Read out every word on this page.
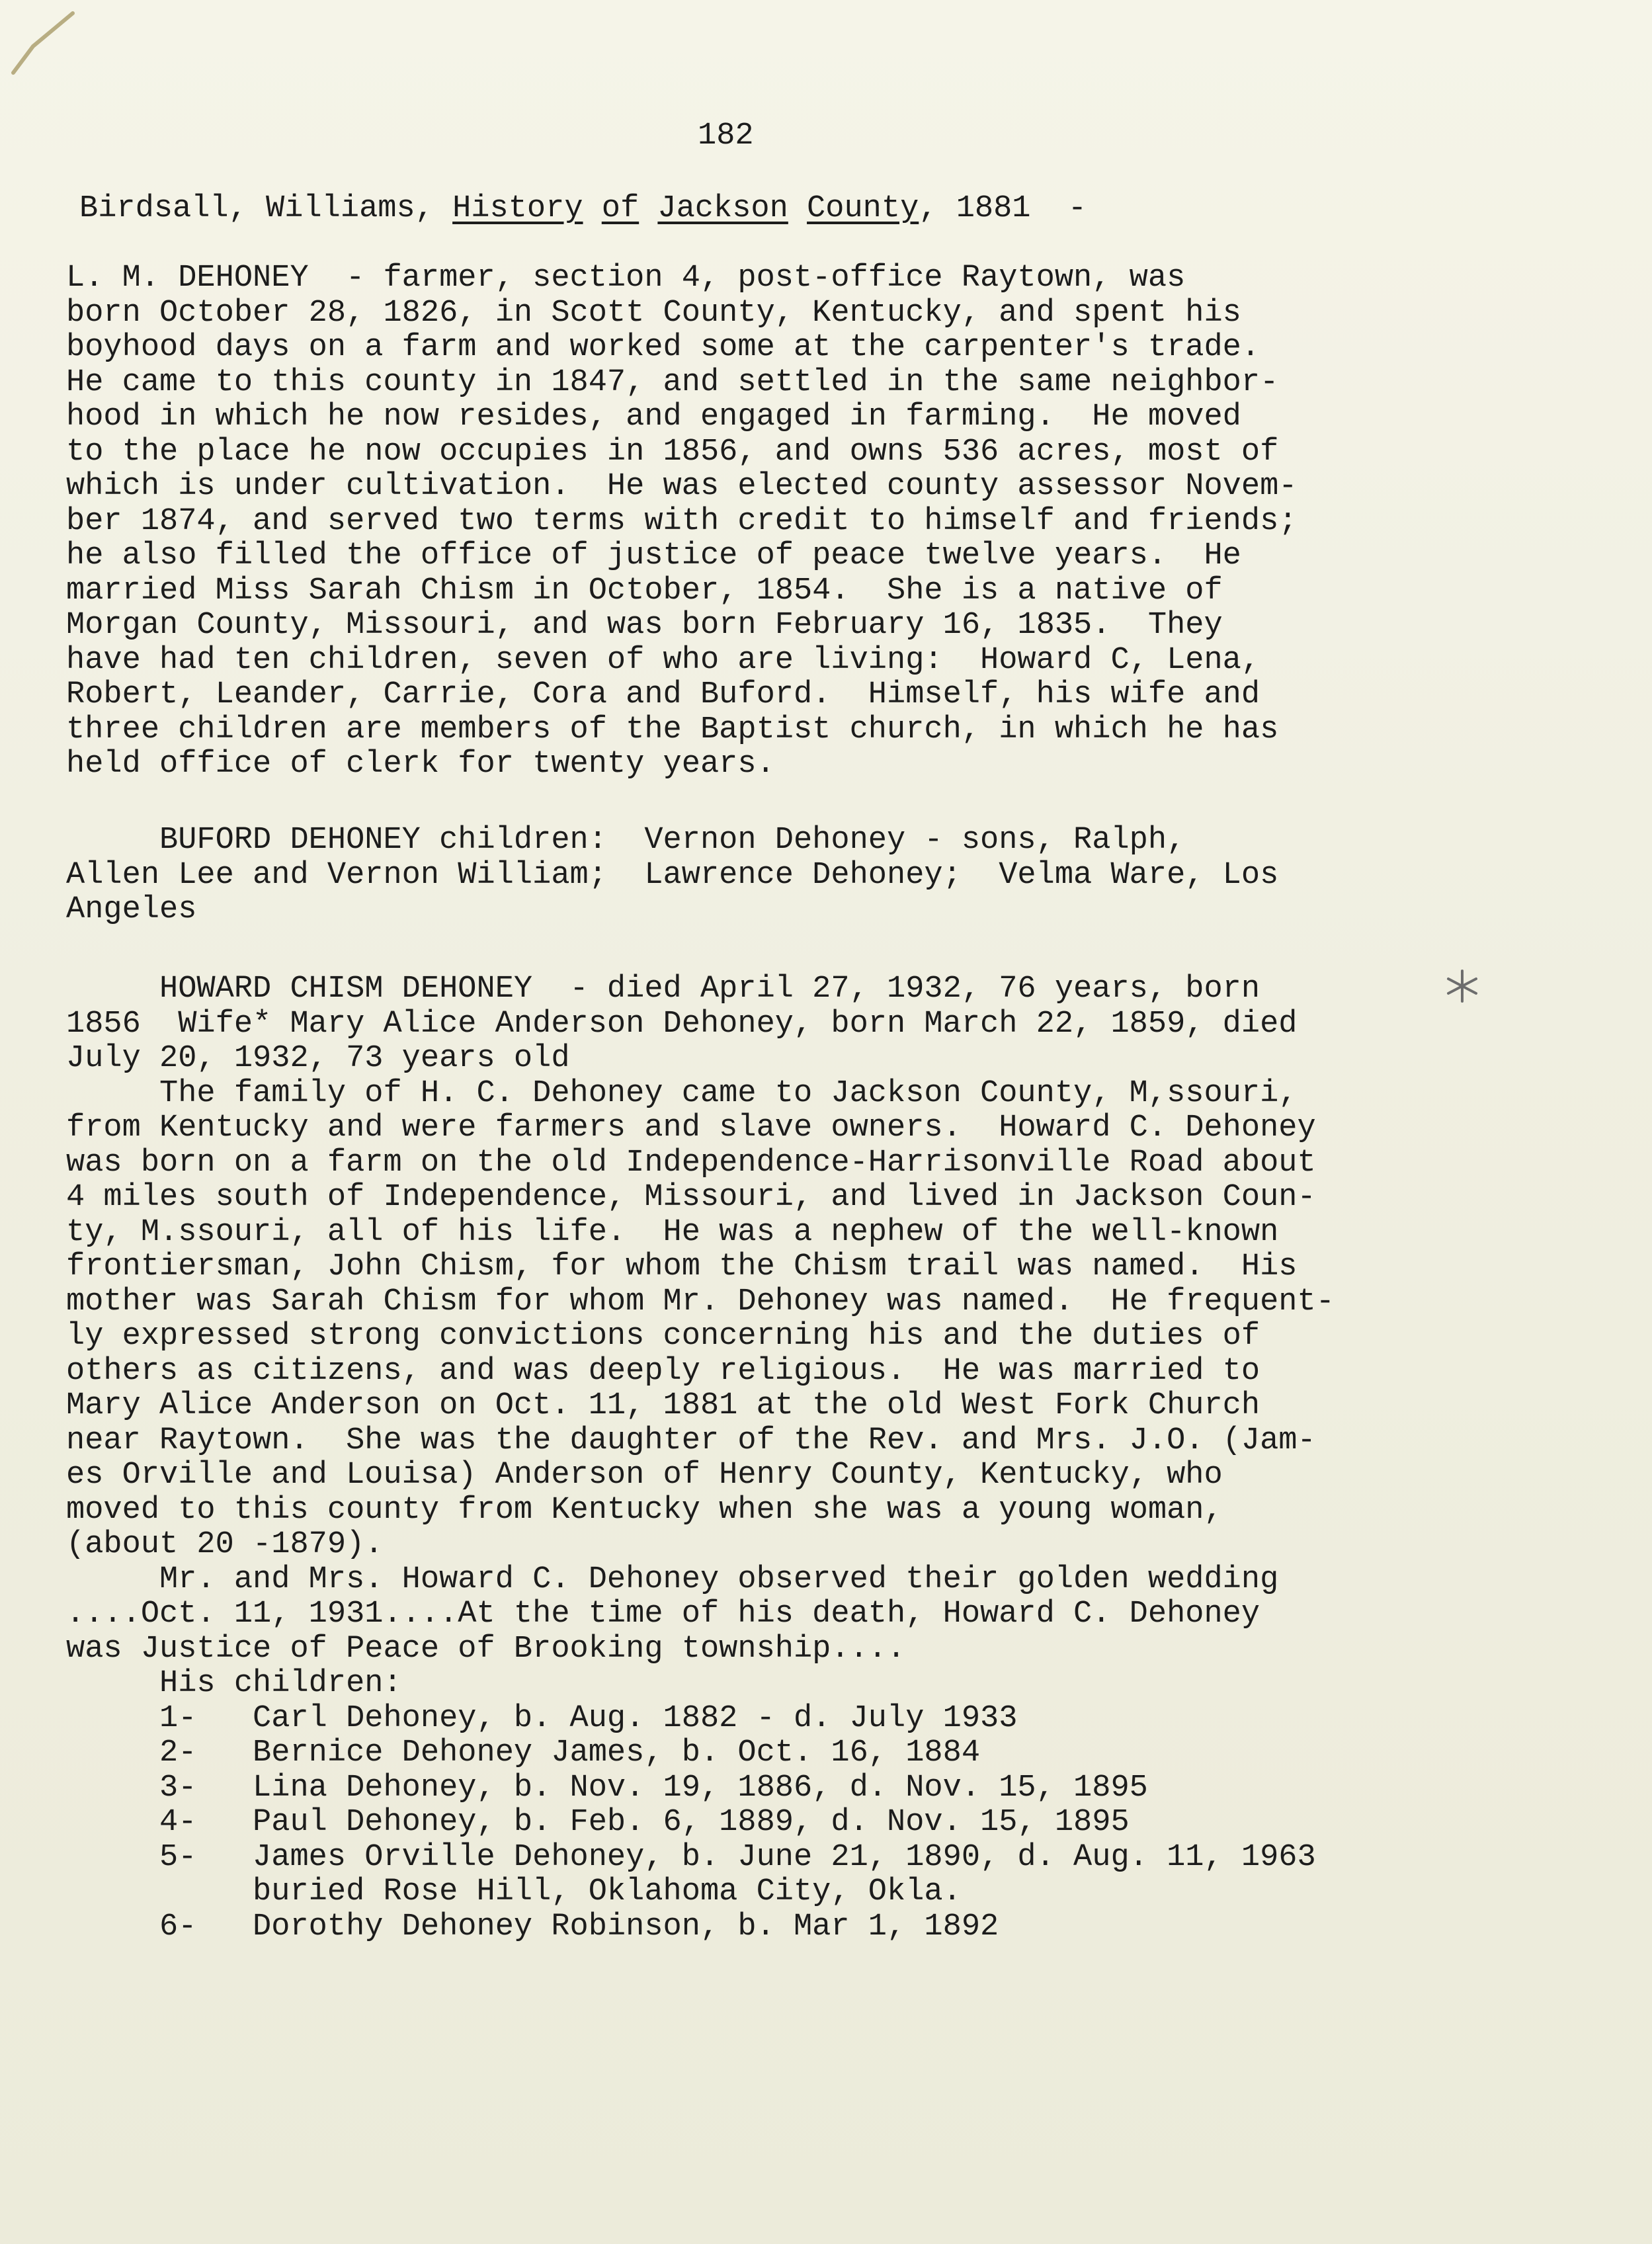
182
Birdsall, Williams, History of Jackson County, 1881  -
L. M. DEHONEY  - farmer, section 4, post-office Raytown, was
born October 28, 1826, in Scott County, Kentucky, and spent his
boyhood days on a farm and worked some at the carpenter's trade.
He came to this county in 1847, and settled in the same neighbor-
hood in which he now resides, and engaged in farming.  He moved
to the place he now occupies in 1856, and owns 536 acres, most of
which is under cultivation.  He was elected county assessor Novem-
ber 1874, and served two terms with credit to himself and friends;
he also filled the office of justice of peace twelve years.  He
married Miss Sarah Chism in October, 1854.  She is a native of
Morgan County, Missouri, and was born February 16, 1835.  They
have had ten children, seven of who are living:  Howard C, Lena,
Robert, Leander, Carrie, Cora and Buford.  Himself, his wife and
three children are members of the Baptist church, in which he has
held office of clerk for twenty years.
BUFORD DEHONEY children:  Vernon Dehoney - sons, Ralph,
Allen Lee and Vernon William;  Lawrence Dehoney;  Velma Ware, Los
Angeles
HOWARD CHISM DEHONEY  - died April 27, 1932, 76 years, born
1856  Wife* Mary Alice Anderson Dehoney, born March 22, 1859, died
July 20, 1932, 73 years old
The family of H. C. Dehoney came to Jackson County, M,ssouri,
from Kentucky and were farmers and slave owners.  Howard C. Dehoney
was born on a farm on the old Independence-Harrisonville Road about
4 miles south of Independence, Missouri, and lived in Jackson Coun-
ty, M.ssouri, all of his life.  He was a nephew of the well-known
frontiersman, John Chism, for whom the Chism trail was named.  His
mother was Sarah Chism for whom Mr. Dehoney was named.  He frequent-
ly expressed strong convictions concerning his and the duties of
others as citizens, and was deeply religious.  He was married to
Mary Alice Anderson on Oct. 11, 1881 at the old West Fork Church
near Raytown.  She was the daughter of the Rev. and Mrs. J.O. (Jam-
es Orville and Louisa) Anderson of Henry County, Kentucky, who
moved to this county from Kentucky when she was a young woman,
(about 20 -1879).
Mr. and Mrs. Howard C. Dehoney observed their golden wedding
....Oct. 11, 1931....At the time of his death, Howard C. Dehoney
was Justice of Peace of Brooking township....
His children:
1-   Carl Dehoney, b. Aug. 1882 - d. July 1933
2-   Bernice Dehoney James, b. Oct. 16, 1884
3-   Lina Dehoney, b. Nov. 19, 1886, d. Nov. 15, 1895
4-   Paul Dehoney, b. Feb. 6, 1889, d. Nov. 15, 1895
5-   James Orville Dehoney, b. June 21, 1890, d. Aug. 11, 1963
buried Rose Hill, Oklahoma City, Okla.
6-   Dorothy Dehoney Robinson, b. Mar 1, 1892
